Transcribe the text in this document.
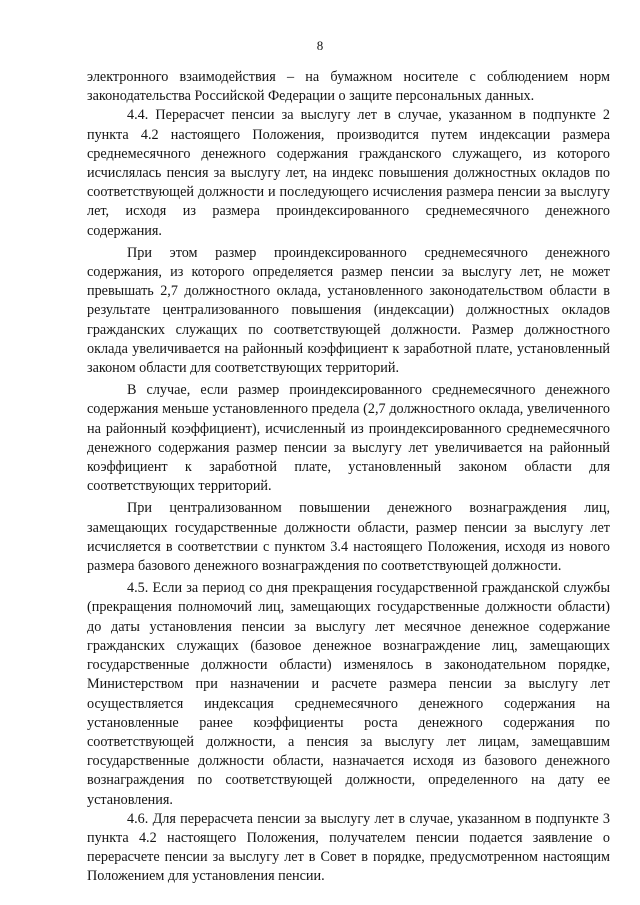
8

электронного взаимодействия – на бумажном носителе с соблюдением норм законодательства Российской Федерации о защите персональных данных.

4.4. Перерасчет пенсии за выслугу лет в случае, указанном в подпункте 2 пункта 4.2 настоящего Положения, производится путем индексации размера среднемесячного денежного содержания гражданского служащего, из которого исчислялась пенсия за выслугу лет, на индекс повышения должностных окладов по соответствующей должности и последующего исчисления размера пенсии за выслугу лет, исходя из размера проиндексированного среднемесячного денежного содержания.

При этом размер проиндексированного среднемесячного денежного содержания, из которого определяется размер пенсии за выслугу лет, не может превышать 2,7 должностного оклада, установленного законодательством области в результате централизованного повышения (индексации) должностных окладов гражданских служащих по соответствующей должности. Размер должностного оклада увеличивается на районный коэффициент к заработной плате, установленный законом области для соответствующих территорий.

В случае, если размер проиндексированного среднемесячного денежного содержания меньше установленного предела (2,7 должностного оклада, увеличенного на районный коэффициент), исчисленный из проиндексированного среднемесячного денежного содержания размер пенсии за выслугу лет увеличивается на районный коэффициент к заработной плате, установленный законом области для соответствующих территорий.

При централизованном повышении денежного вознаграждения лиц, замещающих государственные должности области, размер пенсии за выслугу лет исчисляется в соответствии с пунктом 3.4 настоящего Положения, исходя из нового размера базового денежного вознаграждения по соответствующей должности.

4.5. Если за период со дня прекращения государственной гражданской службы (прекращения полномочий лиц, замещающих государственные должности области) до даты установления пенсии за выслугу лет месячное денежное содержание гражданских служащих (базовое денежное вознаграждение лиц, замещающих государственные должности области) изменялось в законодательном порядке, Министерством при назначении и расчете размера пенсии за выслугу лет осуществляется индексация среднемесячного денежного содержания на установленные ранее коэффициенты роста денежного содержания по соответствующей должности, а пенсия за выслугу лет лицам, замещавшим государственные должности области, назначается исходя из базового денежного вознаграждения по соответствующей должности, определенного на дату ее установления.

4.6. Для перерасчета пенсии за выслугу лет в случае, указанном в подпункте 3 пункта 4.2 настоящего Положения, получателем пенсии подается заявление о перерасчете пенсии за выслугу лет в Совет в порядке, предусмотренном настоящим Положением для установления пенсии.
